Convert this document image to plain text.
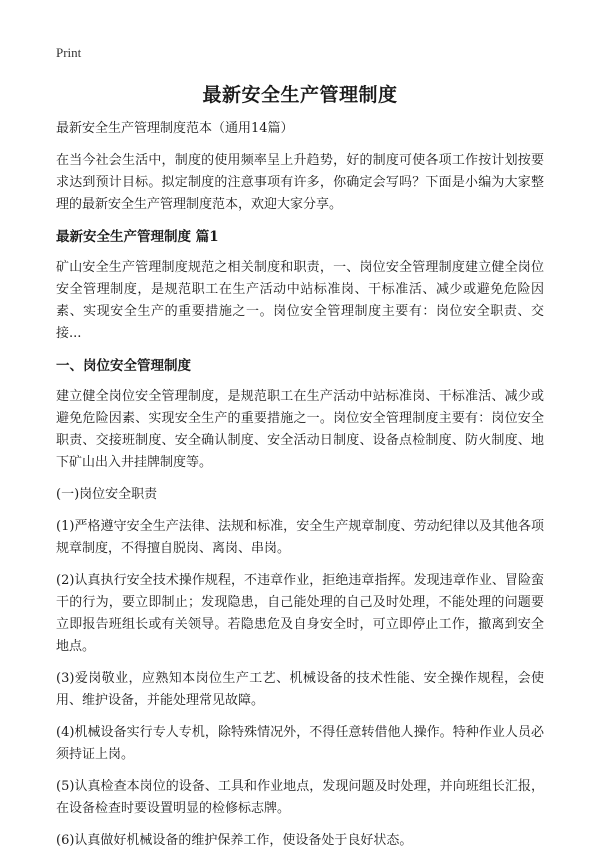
Print
最新安全生产管理制度

最新安全生产管理制度范本（通用14篇）

在当今社会生活中，制度的使用频率呈上升趋势，好的制度可使各项工作按计划按要求达到预计目标。拟定制度的注意事项有许多，你确定会写吗？下面是小编为大家整理的最新安全生产管理制度范本，欢迎大家分享。

最新安全生产管理制度 篇1

矿山安全生产管理制度规范之相关制度和职责，一、岗位安全管理制度建立健全岗位安全管理制度，是规范职工在生产活动中站标准岗、干标准活、减少或避免危险因素、实现安全生产的重要措施之一。岗位安全管理制度主要有：岗位安全职责、交接...

一、岗位安全管理制度

建立健全岗位安全管理制度，是规范职工在生产活动中站标准岗、干标准活、减少或避免危险因素、实现安全生产的重要措施之一。岗位安全管理制度主要有：岗位安全职责、交接班制度、安全确认制度、安全活动日制度、设备点检制度、防火制度、地下矿山出入井挂牌制度等。

(一)岗位安全职责

(1)严格遵守安全生产法律、法规和标准，安全生产规章制度、劳动纪律以及其他各项规章制度，不得擅自脱岗、离岗、串岗。

(2)认真执行安全技术操作规程，不违章作业，拒绝违章指挥。发现违章作业、冒险蛮干的行为，要立即制止；发现隐患，自己能处理的自己及时处理，不能处理的问题要立即报告班组长或有关领导。若隐患危及自身安全时，可立即停止工作，撤离到安全地点。

(3)爱岗敬业，应熟知本岗位生产工艺、机械设备的技术性能、安全操作规程，会使用、维护设备，并能处理常见故障。

(4)机械设备实行专人专机，除特殊情况外，不得任意转借他人操作。特种作业人员必须持证上岗。

(5)认真检查本岗位的设备、工具和作业地点，发现问题及时处理，并向班组长汇报，在设备检查时要设置明显的检修标志牌。

(6)认真做好机械设备的维护保养工作，使设备处于良好状态。
